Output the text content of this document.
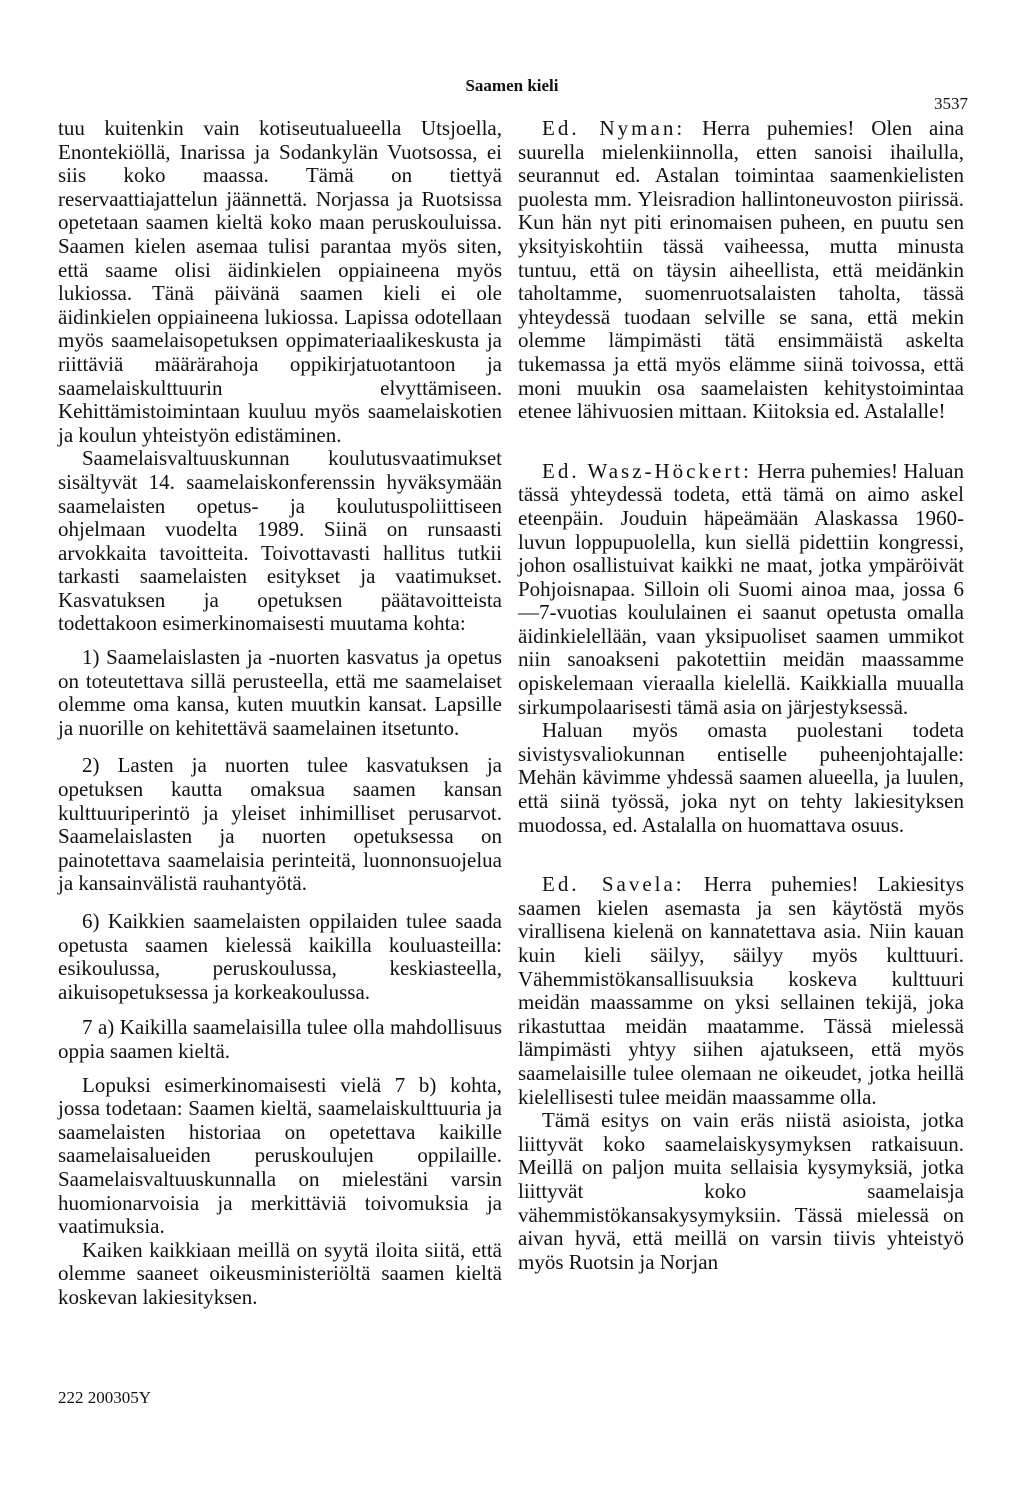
Saamen kieli
3537

tuu kuitenkin vain kotiseutualueella Utsjoella, Enontekiöllä, Inarissa ja Sodankylän Vuotsossa, ei siis koko maassa. Tämä on tiettyä reservaattiajattelun jäännettä. Norjassa ja Ruotsissa opetetaan saamen kieltä koko maan peruskouluissa. Saamen kielen asemaa tulisi parantaa myös siten, että saame olisi äidinkielen oppiaineena myös lukiossa. Tänä päivänä saamen kieli ei ole äidinkielen oppiaineena lukiossa. Lapissa odotellaan myös saamelaisopetuksen oppimateriaalikeskusta ja riittäviä määrärahoja oppikirjatuotantoon ja saamelaiskulttuurin elvyttämiseen. Kehittämistoimintaan kuuluu myös saamelaiskotien ja koulun yhteistyön edistäminen.

Saamelaisvaltuuskunnan koulutusvaatimukset sisältyvät 14. saamelaiskonferenssin hyväksymään saamelaisten opetus- ja koulutuspoliittiseen ohjelmaan vuodelta 1989. Siinä on runsaasti arvokkaita tavoitteita. Toivottavasti hallitus tutkii tarkasti saamelaisten esitykset ja vaatimukset. Kasvatuksen ja opetuksen päätavoitteista todettakoon esimerkinomaisesti muutama kohta:

1) Saamelaislasten ja -nuorten kasvatus ja opetus on toteutettava sillä perusteella, että me saamelaiset olemme oma kansa, kuten muutkin kansat. Lapsille ja nuorille on kehitettävä saamelainen itsetunto.

2) Lasten ja nuorten tulee kasvatuksen ja opetuksen kautta omaksua saamen kansan kulttuuriperintö ja yleiset inhimilliset perusarvot. Saamelaislasten ja nuorten opetuksessa on painotettava saamelaisia perinteitä, luonnonsuojelua ja kansainvälistä rauhantyötä.

6) Kaikkien saamelaisten oppilaiden tulee saada opetusta saamen kielessä kaikilla kouluasteilla: esikoulussa, peruskoulussa, keskiasteella, aikuisopetuksessa ja korkeakoulussa.

7 a) Kaikilla saamelaisilla tulee olla mahdollisuus oppia saamen kieltä.

Lopuksi esimerkinomaisesti vielä 7 b) kohta, jossa todetaan: Saamen kieltä, saamelaiskulttuuria ja saamelaisten historiaa on opetettava kaikille saamelaisalueiden peruskoulujen oppilaille. Saamelaisvaltuuskunnalla on mielestäni varsin huomionarvoisia ja merkittäviä toivomuksia ja vaatimuksia.

Kaiken kaikkiaan meillä on syytä iloita siitä, että olemme saaneet oikeusministeriöltä saamen kieltä koskevan lakiesityksen.

Ed. Nyman: Herra puhemies! Olen aina suurella mielenkiinnolla, etten sanoisi ihailulla, seurannut ed. Astalan toimintaa saamenkielisten puolesta mm. Yleisradion hallintoneuvoston piirissä. Kun hän nyt piti erinomaisen puheen, en puutu sen yksityiskohtiin tässä vaiheessa, mutta minusta tuntuu, että on täysin aiheellista, että meidänkin taholtamme, suomenruotsalaisten taholta, tässä yhteydessä tuodaan selville se sana, että mekin olemme lämpimästi tätä ensimmäistä askelta tukemassa ja että myös elämme siinä toivossa, että moni muukin osa saamelaisten kehitystoimintaa etenee lähivuosien mittaan. Kiitoksia ed. Astalalle!

Ed. Wasz-Höckert: Herra puhemies! Haluan tässä yhteydessä todeta, että tämä on aimo askel eteenpäin. Jouduin häpeämään Alaskassa 1960-luvun loppupuolella, kun siellä pidettiin kongressi, johon osallistuivat kaikki ne maat, jotka ympäröivät Pohjoisnapaa. Silloin oli Suomi ainoa maa, jossa 6—7-vuotias koululainen ei saanut opetusta omalla äidinkielellään, vaan yksipuoliset saamen ummikot niin sanoakseni pakotettiin meidän maassamme opiskelemaan vieraalla kielellä. Kaikkialla muualla sirkumpolaarisesti tämä asia on järjestyksessä.

Haluan myös omasta puolestani todeta sivistysvaliokunnan entiselle puheenjohtajalle: Mehän kävimme yhdessä saamen alueella, ja luulen, että siinä työssä, joka nyt on tehty lakiesityksen muodossa, ed. Astalalla on huomattava osuus.

Ed. Savela: Herra puhemies! Lakiesitys saamen kielen asemasta ja sen käytöstä myös virallisena kielenä on kannatettava asia. Niin kauan kuin kieli säilyy, säilyy myös kulttuuri. Vähemmistökansallisuuksia koskeva kulttuuri meidän maassamme on yksi sellainen tekijä, joka rikastuttaa meidän maatamme. Tässä mielessä lämpimästi yhtyy siihen ajatukseen, että myös saamelaisille tulee olemaan ne oikeudet, jotka heillä kielellisesti tulee meidän maassamme olla.

Tämä esitys on vain eräs niistä asioista, jotka liittyvät koko saamelaiskysymyksen ratkaisuun. Meillä on paljon muita sellaisia kysymyksiä, jotka liittyvät koko saamelaisja vähemmistökansakysymyksiin. Tässä mielessä on aivan hyvä, että meillä on varsin tiivis yhteistyö myös Ruotsin ja Norjan

222 200305Y
